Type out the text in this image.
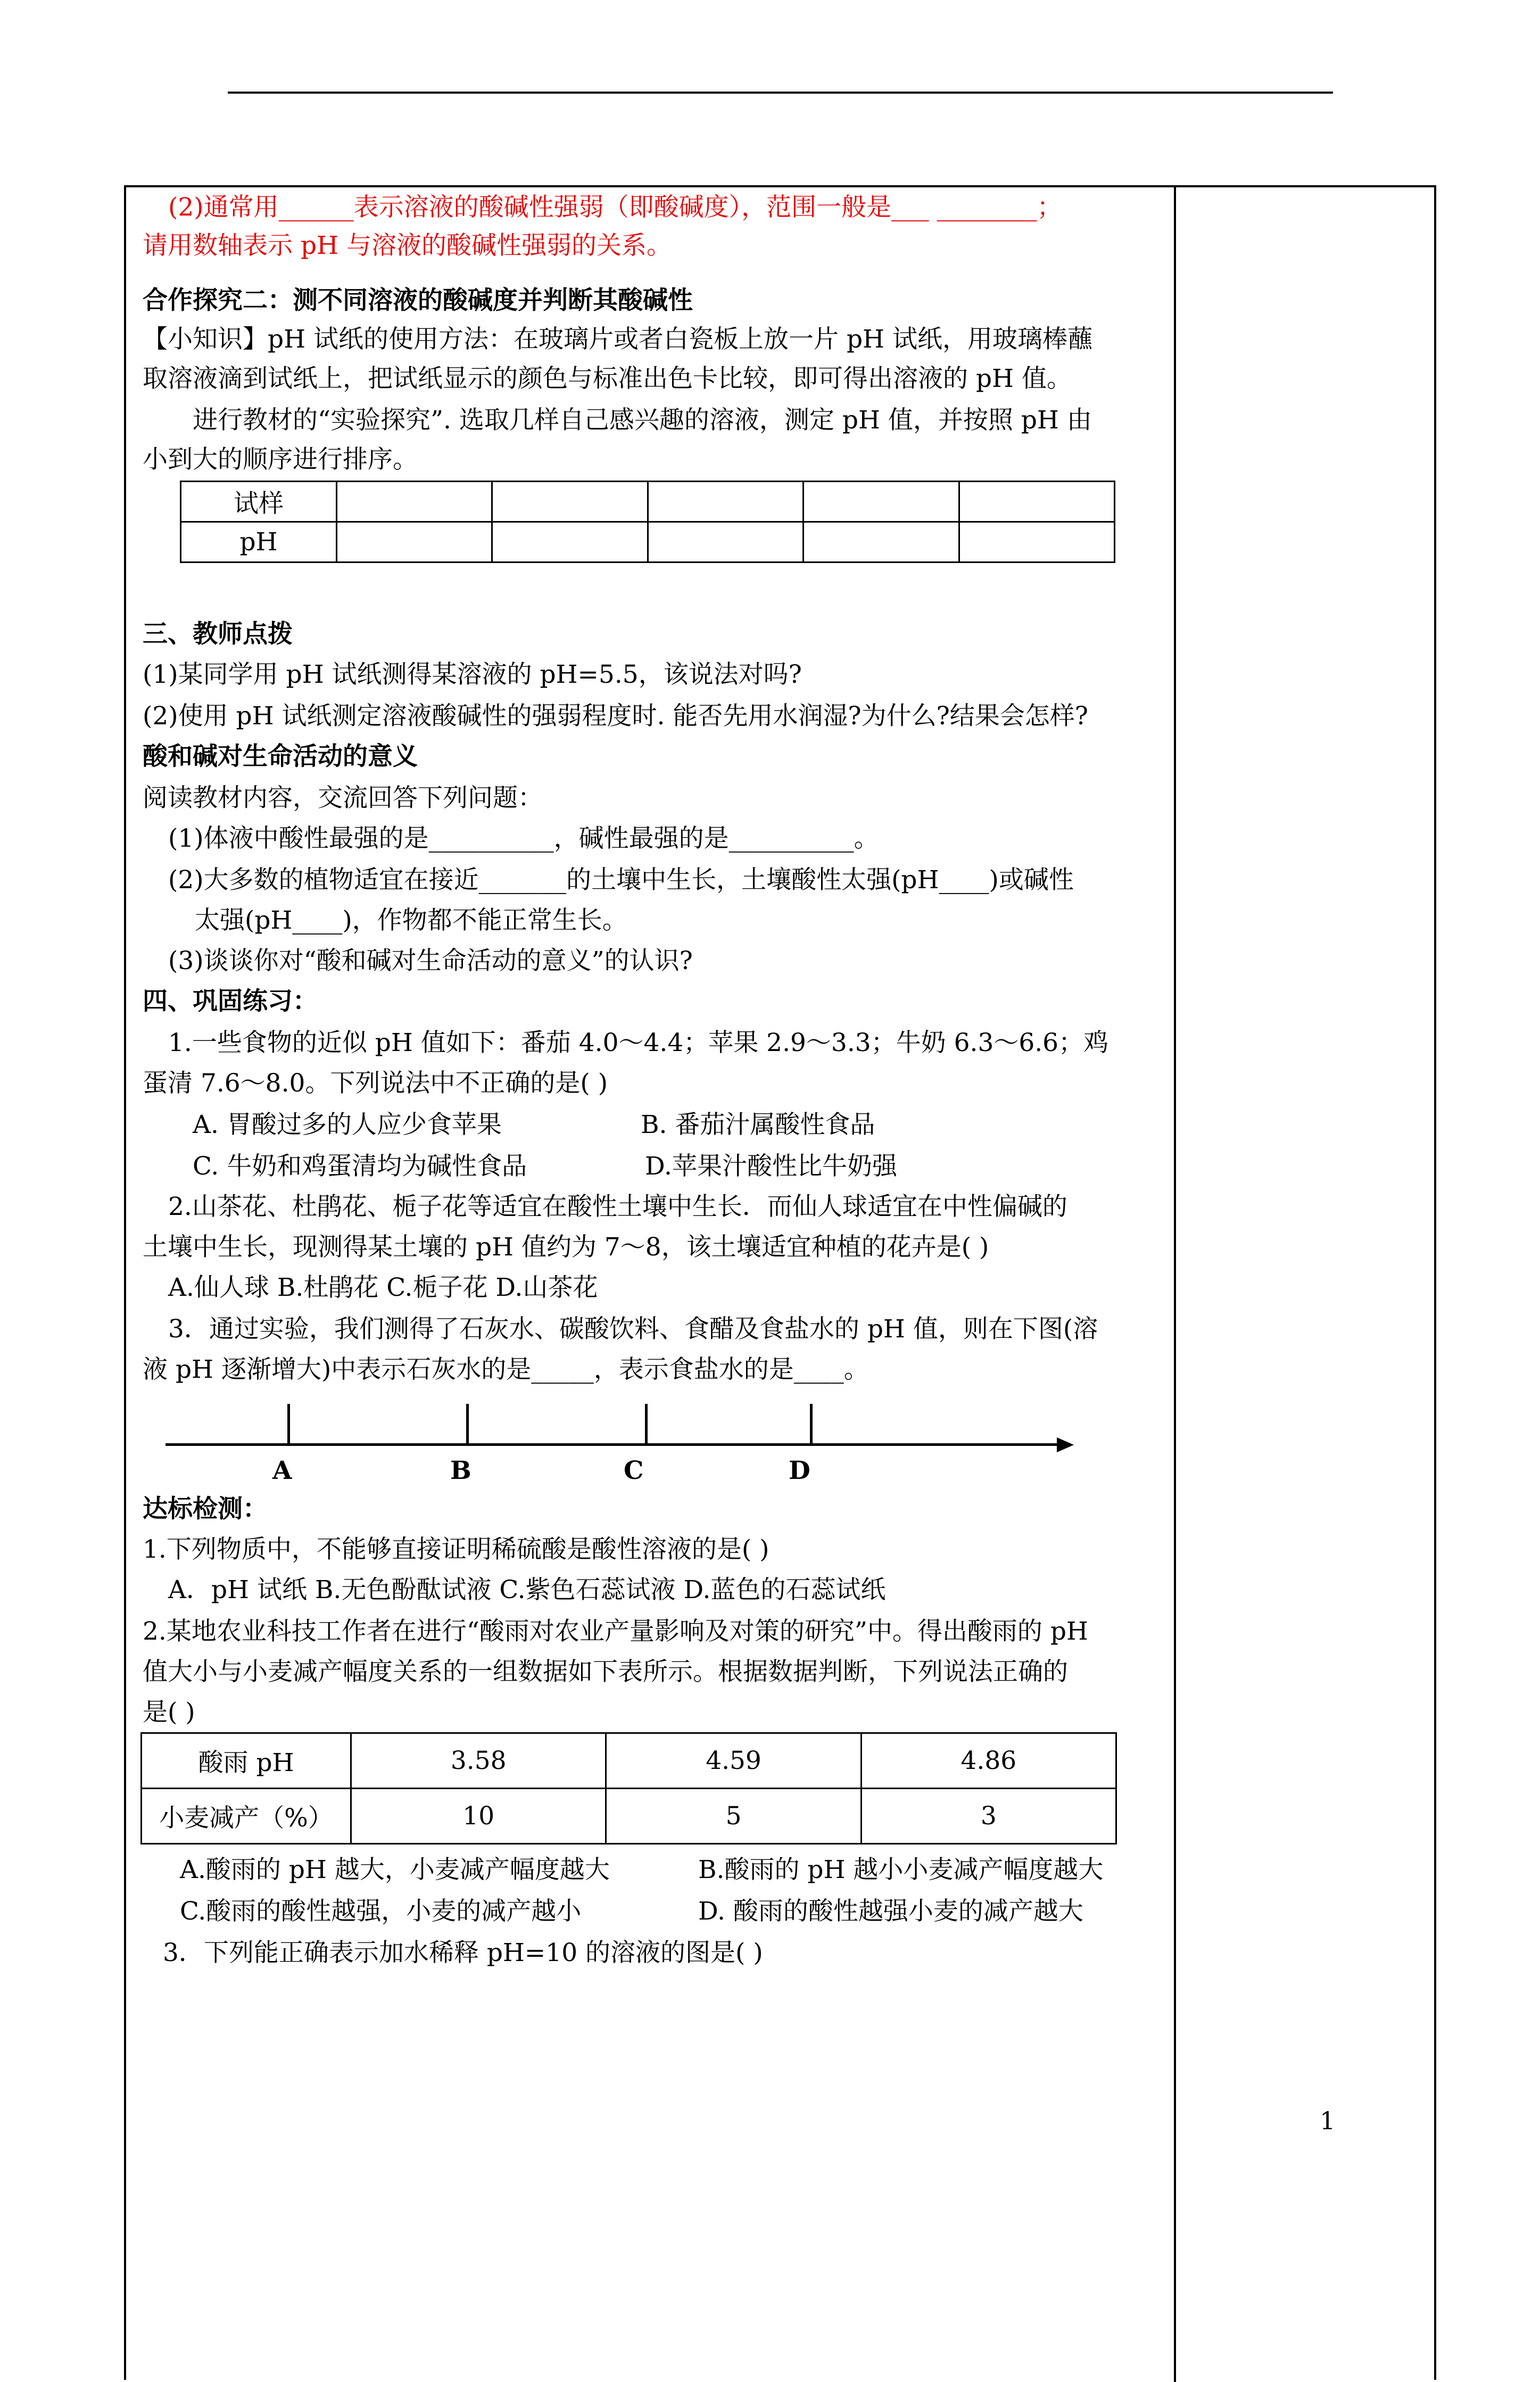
(2)通常用______表示溶液的酸碱性强弱（即酸碱度），范围一般是___ ________；
请用数轴表示 pH 与溶液的酸碱性强弱的关系。
合作探究二：测不同溶液的酸碱度并判断其酸碱性
【小知识】pH 试纸的使用方法：在玻璃片或者白瓷板上放一片 pH 试纸，用玻璃棒蘸
取溶液滴到试纸上，把试纸显示的颜色与标准出色卡比较，即可得出溶液的 pH 值。
进行教材的“实验探究”. 选取几样自己感兴趣的溶液，测定 pH 值，并按照 pH 由
小到大的顺序进行排序。
试样					
pH					
三、教师点拨
(1)某同学用 pH 试纸测得某溶液的 pH=5.5，该说法对吗?
(2)使用 pH 试纸测定溶液酸碱性的强弱程度时. 能否先用水润湿?为什么?结果会怎样?
酸和碱对生命活动的意义
阅读教材内容，交流回答下列问题：
(1)体液中酸性最强的是__________，碱性最强的是__________。
(2)大多数的植物适宜在接近_______的土壤中生长，土壤酸性太强(pH____)或碱性
太强(pH____)，作物都不能正常生长。
(3)谈谈你对“酸和碱对生命活动的意义”的认识?
四、巩固练习：
1.一些食物的近似 pH 值如下：番茄 4.0～4.4；苹果 2.9～3.3；牛奶 6.3～6.6；鸡
蛋清 7.6～8.0。下列说法中不正确的是( )
A. 胃酸过多的人应少食苹果	B. 番茄汁属酸性食品
C. 牛奶和鸡蛋清均为碱性食品	D.苹果汁酸性比牛奶强
2.山茶花、杜鹃花、栀子花等适宜在酸性土壤中生长．而仙人球适宜在中性偏碱的
土壤中生长，现测得某土壤的 pH 值约为 7～8，该土壤适宜种植的花卉是( )
A.仙人球 B.杜鹃花 C.栀子花 D.山茶花
3．通过实验，我们测得了石灰水、碳酸饮料、食醋及食盐水的 pH 值，则在下图(溶
液 pH 逐渐增大)中表示石灰水的是_____，表示食盐水的是____。
A	B	C	D
达标检测：
1.下列物质中，不能够直接证明稀硫酸是酸性溶液的是( )
A．pH 试纸 B.无色酚酞试液 C.紫色石蕊试液 D.蓝色的石蕊试纸
2.某地农业科技工作者在进行“酸雨对农业产量影响及对策的研究”中。得出酸雨的 pH
值大小与小麦减产幅度关系的一组数据如下表所示。根据数据判断，下列说法正确的
是( )
酸雨 pH	3.58	4.59	4.86
小麦减产（%）	10	5	3
A.酸雨的 pH 越大，小麦减产幅度越大	B.酸雨的 pH 越小小麦减产幅度越大
C.酸雨的酸性越强，小麦的减产越小	D. 酸雨的酸性越强小麦的减产越大
3．下列能正确表示加水稀释 pH=10 的溶液的图是( )
1
